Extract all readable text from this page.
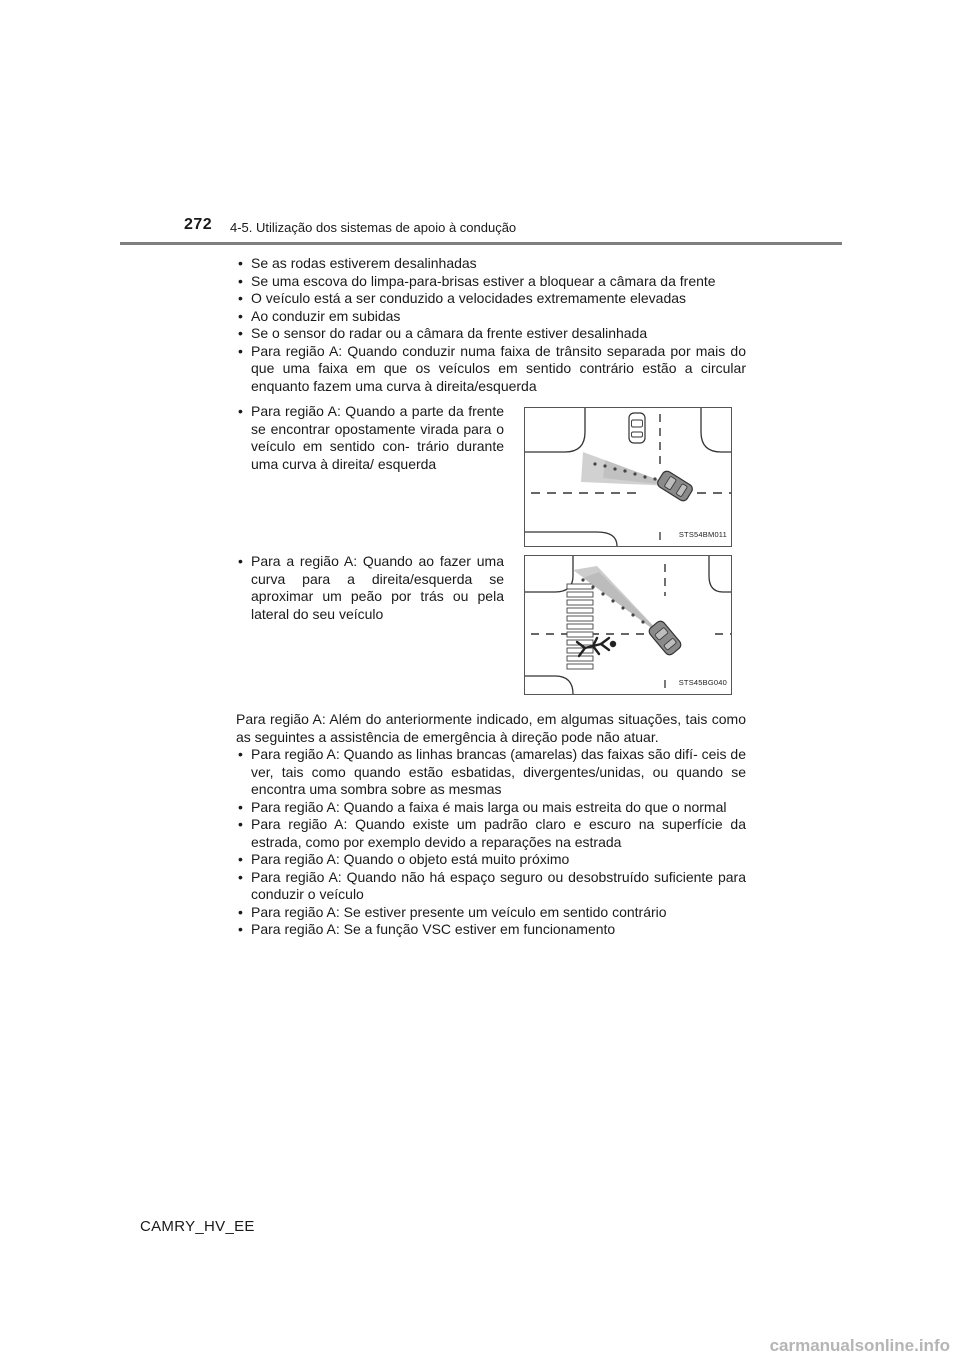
272 4-5. Utilização dos sistemas de apoio à condução
• Se as rodas estiverem desalinhadas
• Se uma escova do limpa-para-brisas estiver a bloquear a câmara da frente
• O veículo está a ser conduzido a velocidades extremamente elevadas
• Ao conduzir em subidas
• Se o sensor do radar ou a câmara da frente estiver desalinhada
• Para região A: Quando conduzir numa faixa de trânsito separada por mais do que uma faixa em que os veículos em sentido contrário estão a circular enquanto fazem uma curva à direita/esquerda
• Para região A: Quando a parte da frente se encontrar opostamente virada para o veículo em sentido con- trário durante uma curva à direita/ esquerda
STS54BM011
• Para a região A: Quando ao fazer uma curva para a direita/esquerda se aproximar um peão por trás ou pela lateral do seu veículo
STS45BG040
Para região A: Além do anteriormente indicado, em algumas situações, tais como as seguintes a assistência de emergência à direção pode não atuar.
• Para região A: Quando as linhas brancas (amarelas) das faixas são difí- ceis de ver, tais como quando estão esbatidas, divergentes/unidas, ou quando se encontra uma sombra sobre as mesmas
• Para região A: Quando a faixa é mais larga ou mais estreita do que o normal
• Para região A: Quando existe um padrão claro e escuro na superfície da estrada, como por exemplo devido a reparações na estrada
• Para região A: Quando o objeto está muito próximo
• Para região A: Quando não há espaço seguro ou desobstruído suficiente para conduzir o veículo
• Para região A: Se estiver presente um veículo em sentido contrário
• Para região A: Se a função VSC estiver em funcionamento
CAMRY_HV_EE
carmanualsonline.info
